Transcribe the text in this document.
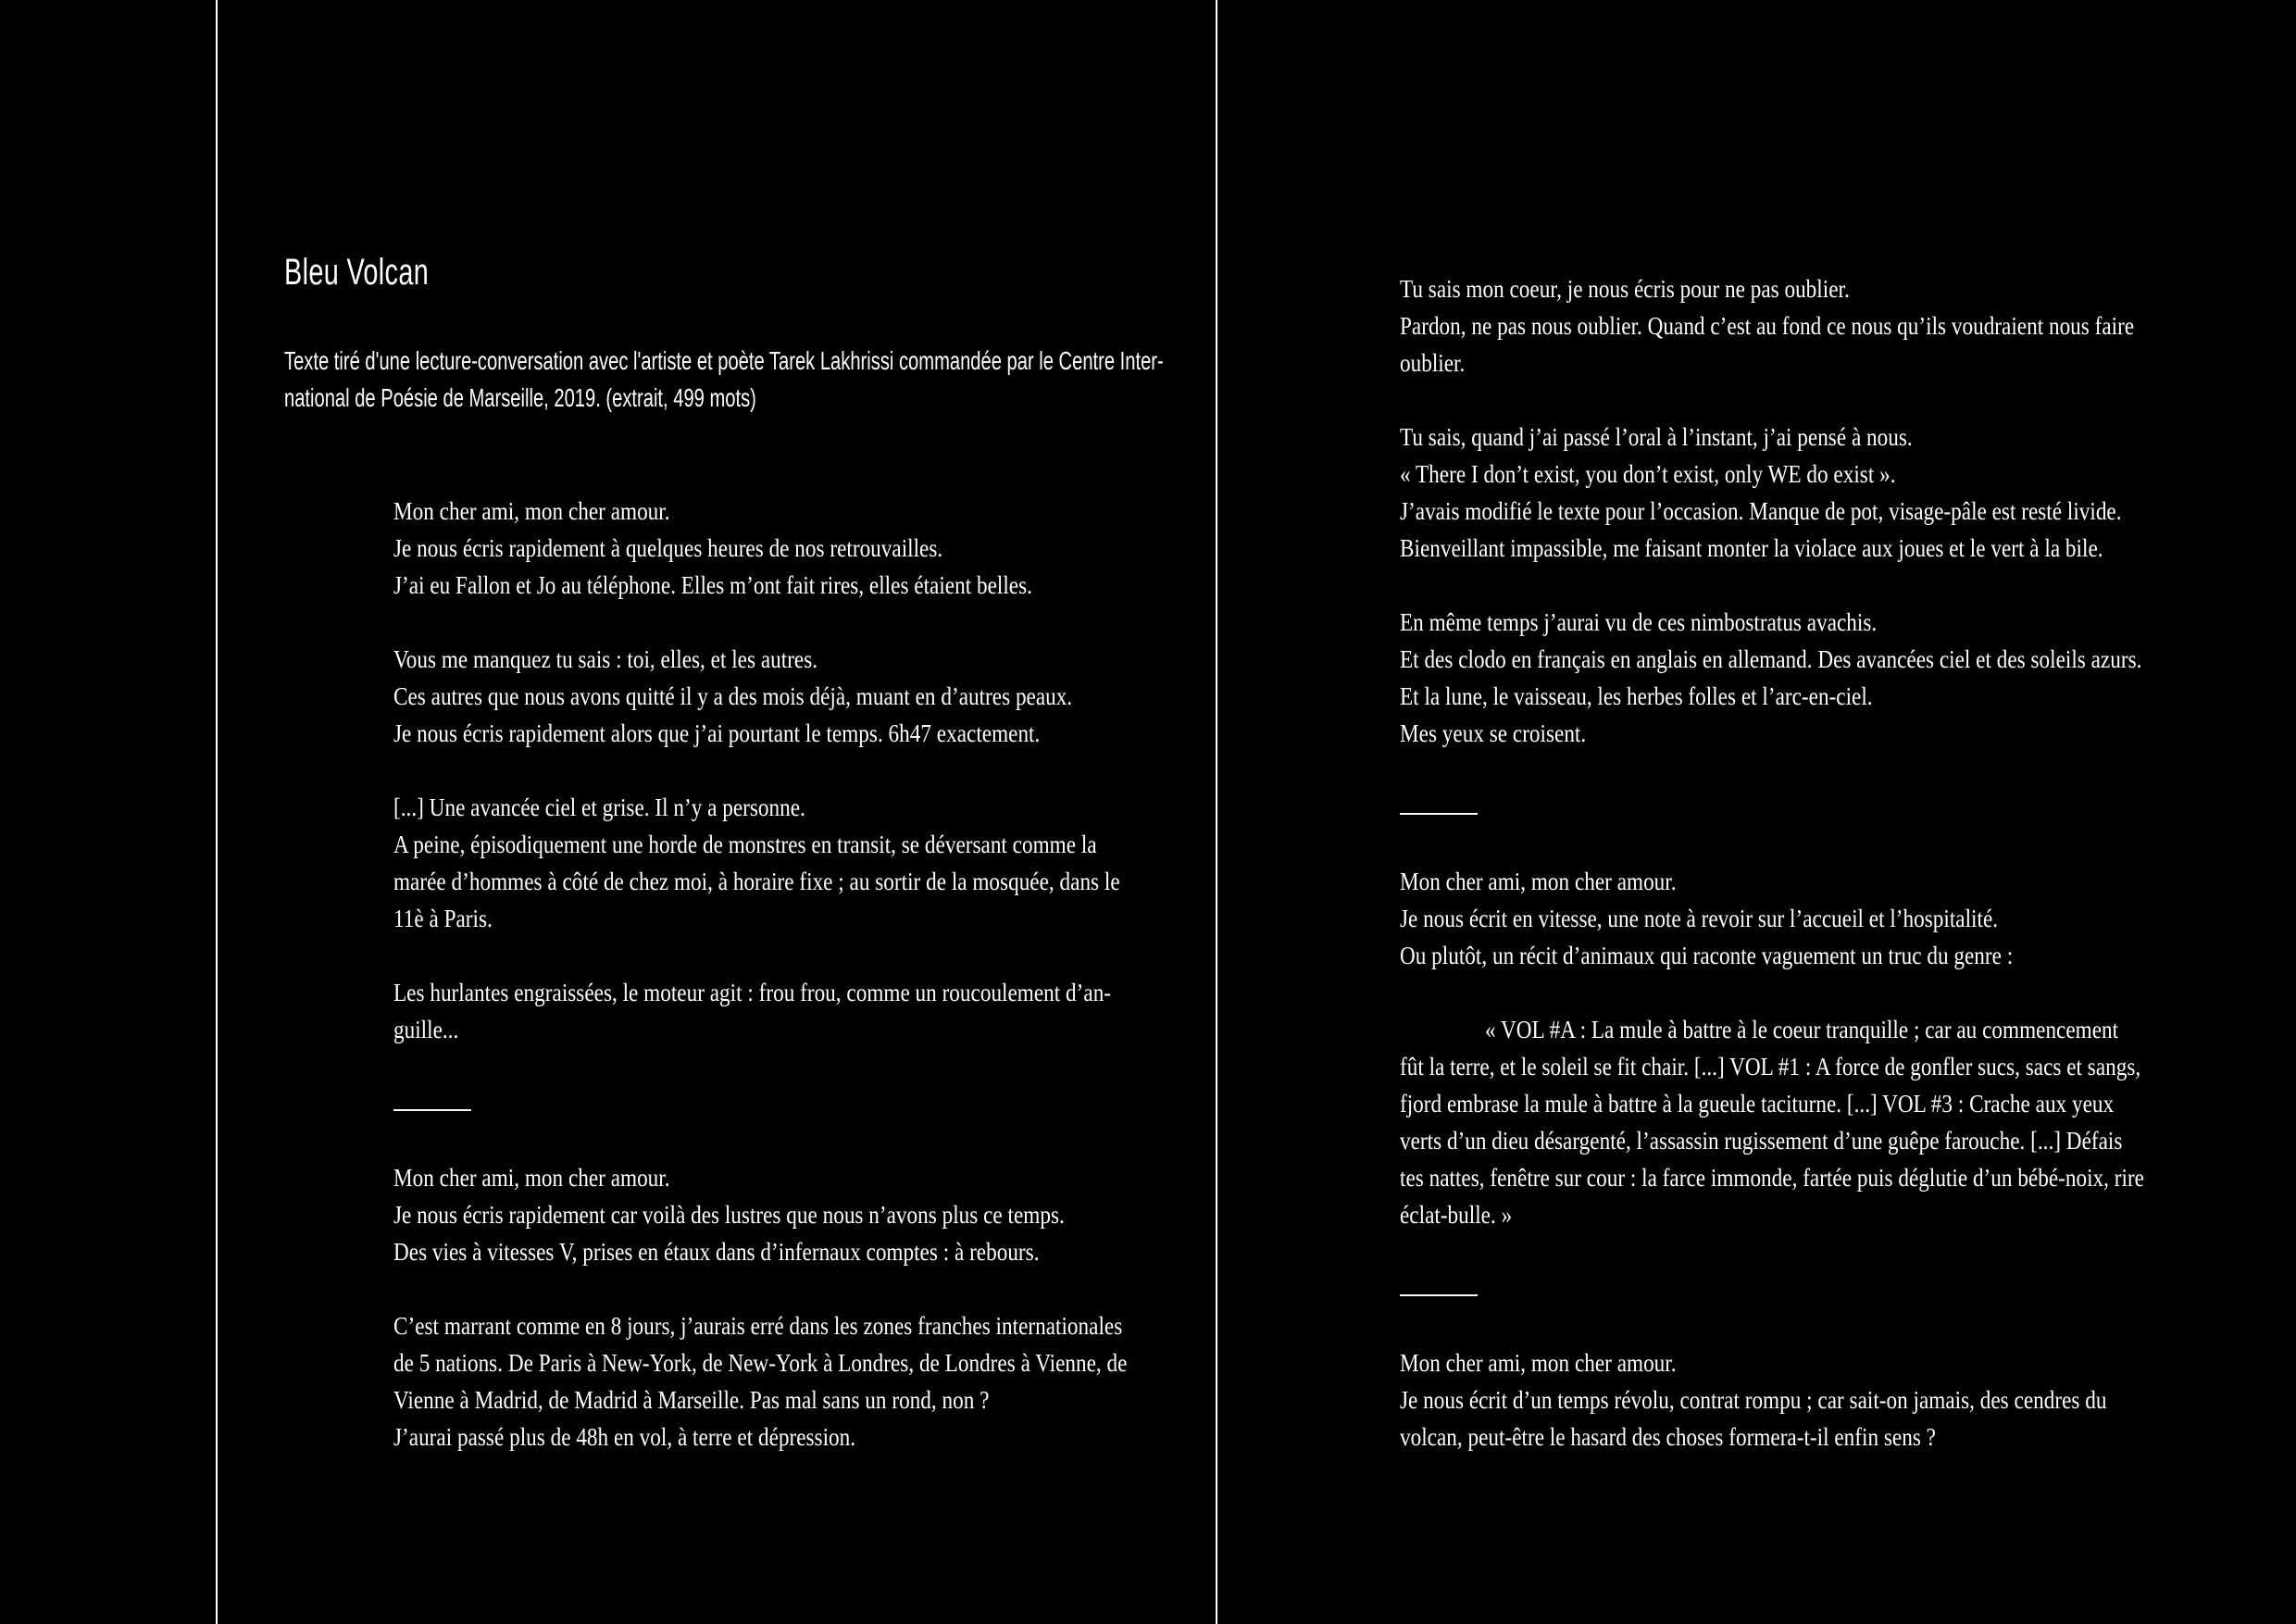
Bleu Volcan
Texte tiré d'une lecture-conversation avec l'artiste et poète Tarek Lakhrissi commandée par le Centre Inter-
national de Poésie de Marseille, 2019. (extrait, 499 mots)
Mon cher ami, mon cher amour.
Je nous écris rapidement à quelques heures de nos retrouvailles.
J’ai eu Fallon et Jo au téléphone. Elles m’ont fait rires, elles étaient belles.
Vous me manquez tu sais : toi, elles, et les autres.
Ces autres que nous avons quitté il y a des mois déjà, muant en d’autres peaux.
Je nous écris rapidement alors que j’ai pourtant le temps. 6h47 exactement.
[...] Une avancée ciel et grise. Il n’y a personne.
A peine, épisodiquement une horde de monstres en transit, se déversant comme la
marée d’hommes à côté de chez moi, à horaire fixe ; au sortir de la mosquée, dans le
11è à Paris.
Les hurlantes engraissées, le moteur agit : frou frou, comme un roucoulement d’an-
guille...
Mon cher ami, mon cher amour.
Je nous écris rapidement car voilà des lustres que nous n’avons plus ce temps.
Des vies à vitesses V, prises en étaux dans d’infernaux comptes : à rebours.
C’est marrant comme en 8 jours, j’aurais erré dans les zones franches internationales
de 5 nations. De Paris à New-York, de New-York à Londres, de Londres à Vienne, de
Vienne à Madrid, de Madrid à Marseille. Pas mal sans un rond, non ?
J’aurai passé plus de 48h en vol, à terre et dépression.
Tu sais mon coeur, je nous écris pour ne pas oublier.
Pardon, ne pas nous oublier. Quand c’est au fond ce nous qu’ils voudraient nous faire
oublier.
Tu sais, quand j’ai passé l’oral à l’instant, j’ai pensé à nous.
« There I don’t exist, you don’t exist, only WE do exist ».
J’avais modifié le texte pour l’occasion. Manque de pot, visage-pâle est resté livide.
Bienveillant impassible, me faisant monter la violace aux joues et le vert à la bile.
En même temps j’aurai vu de ces nimbostratus avachis.
Et des clodo en français en anglais en allemand. Des avancées ciel et des soleils azurs.
Et la lune, le vaisseau, les herbes folles et l’arc-en-ciel.
Mes yeux se croisent.
Mon cher ami, mon cher amour.
Je nous écrit en vitesse, une note à revoir sur l’accueil et l’hospitalité.
Ou plutôt, un récit d’animaux qui raconte vaguement un truc du genre :
« VOL #A : La mule à battre à le coeur tranquille ; car au commencement
fût la terre, et le soleil se fit chair. [...] VOL #1 : A force de gonfler sucs, sacs et sangs,
fjord embrase la mule à battre à la gueule taciturne. [...] VOL #3 : Crache aux yeux
verts d’un dieu désargenté, l’assassin rugissement d’une guêpe farouche. [...] Défais
tes nattes, fenêtre sur cour : la farce immonde, fartée puis déglutie d’un bébé-noix, rire
éclat-bulle. »
Mon cher ami, mon cher amour.
Je nous écrit d’un temps révolu, contrat rompu ; car sait-on jamais, des cendres du
volcan, peut-être le hasard des choses formera-t-il enfin sens ?
